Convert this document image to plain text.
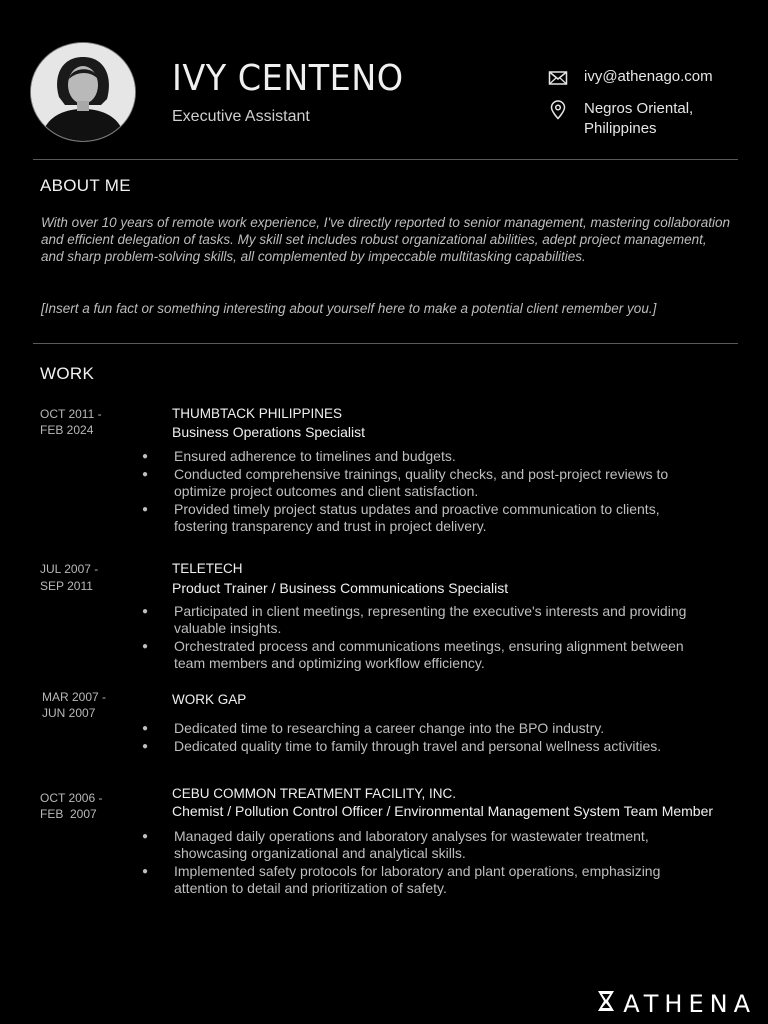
IVY CENTENO
Executive Assistant
ivy@athenago.com
Negros Oriental,
Philippines
ABOUT ME
With over 10 years of remote work experience, I've directly reported to senior management, mastering collaboration and efficient delegation of tasks. My skill set includes robust organizational abilities, adept project management, and sharp problem-solving skills, all complemented by impeccable multitasking capabilities.
[Insert a fun fact or something interesting about yourself here to make a potential client remember you.]
WORK
OCT 2011 -
FEB 2024
THUMBTACK PHILIPPINES
Business Operations Specialist
● Ensured adherence to timelines and budgets.
● Conducted comprehensive trainings, quality checks, and post-project reviews to optimize project outcomes and client satisfaction.
● Provided timely project status updates and proactive communication to clients, fostering transparency and trust in project delivery.
JUL 2007 -
SEP 2011
TELETECH
Product Trainer / Business Communications Specialist
● Participated in client meetings, representing the executive's interests and providing valuable insights.
● Orchestrated process and communications meetings, ensuring alignment between team members and optimizing workflow efficiency.
MAR 2007 -
JUN 2007
WORK GAP
● Dedicated time to researching a career change into the BPO industry.
● Dedicated quality time to family through travel and personal wellness activities.
OCT 2006 -
FEB  2007
CEBU COMMON TREATMENT FACILITY, INC.
Chemist / Pollution Control Officer / Environmental Management System Team Member
● Managed daily operations and laboratory analyses for wastewater treatment, showcasing organizational and analytical skills.
● Implemented safety protocols for laboratory and plant operations, emphasizing attention to detail and prioritization of safety.
ATHENA
